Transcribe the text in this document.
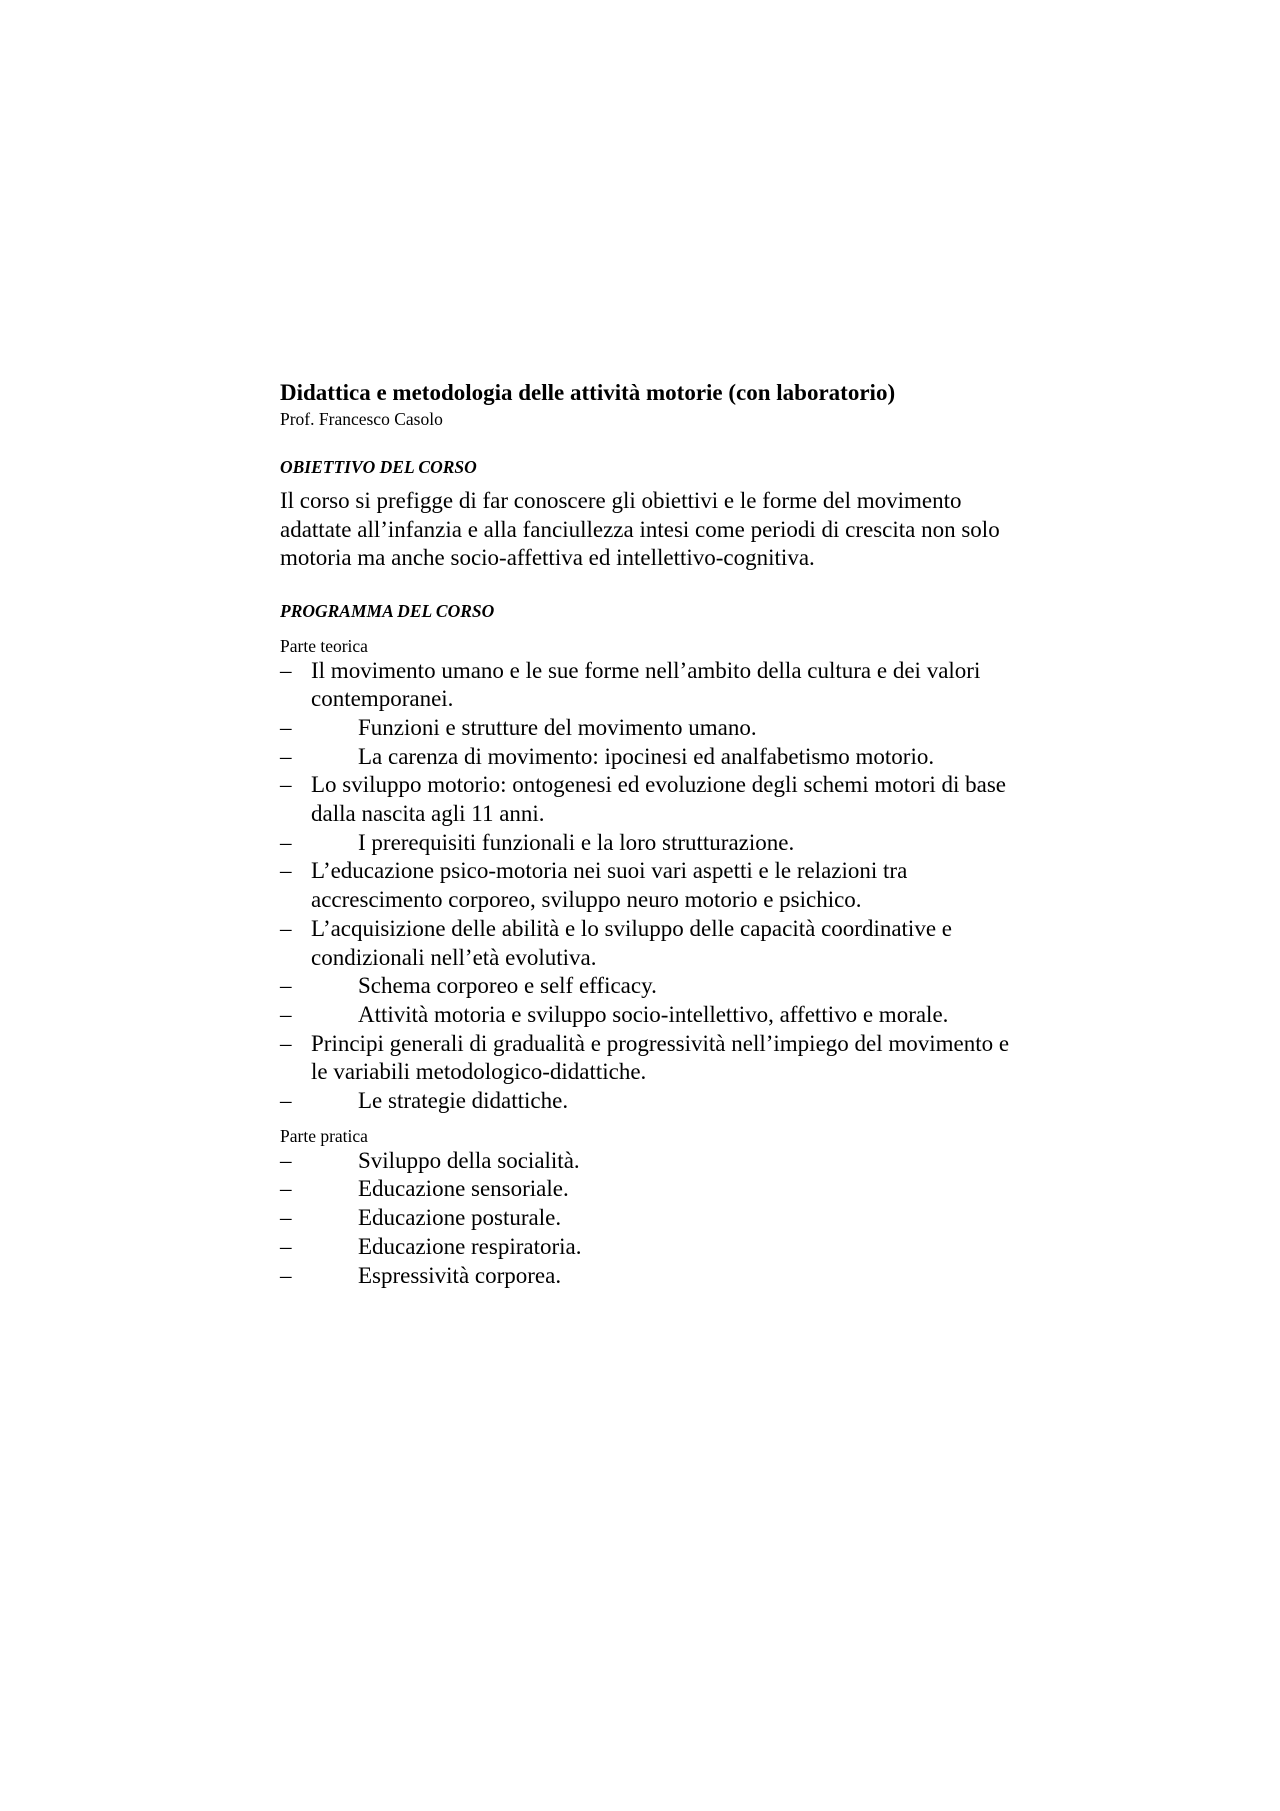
Didattica e metodologia delle attività motorie (con laboratorio)

Prof. Francesco Casolo

OBIETTIVO DEL CORSO

Il corso si prefigge di far conoscere gli obiettivi e le forme del movimento adattate all’infanzia e alla fanciullezza intesi come periodi di crescita non solo motoria ma anche socio-affettiva ed intellettivo-cognitiva.

PROGRAMMA DEL CORSO

Parte teorica

– Il movimento umano e le sue forme nell’ambito della cultura e dei valori contemporanei.
–	Funzioni e strutture del movimento umano.
–	La carenza di movimento: ipocinesi ed analfabetismo motorio.
– Lo sviluppo motorio: ontogenesi ed evoluzione degli schemi motori di base dalla nascita agli 11 anni.
–	I prerequisiti funzionali e la loro strutturazione.
– L’educazione psico-motoria nei suoi vari aspetti e le relazioni tra accrescimento corporeo, sviluppo neuro motorio e psichico.
– L’acquisizione delle abilità e lo sviluppo delle capacità coordinative e condizionali nell’età evolutiva.
–	Schema corporeo e self efficacy.
–	Attività motoria e sviluppo socio-intellettivo, affettivo e morale.
– Principi generali di gradualità e progressività nell’impiego del movimento e le variabili metodologico-didattiche.
–	Le strategie didattiche.

Parte pratica

–	Sviluppo della socialità.
–	Educazione sensoriale.
–	Educazione posturale.
–	Educazione respiratoria.
–	Espressività corporea.
